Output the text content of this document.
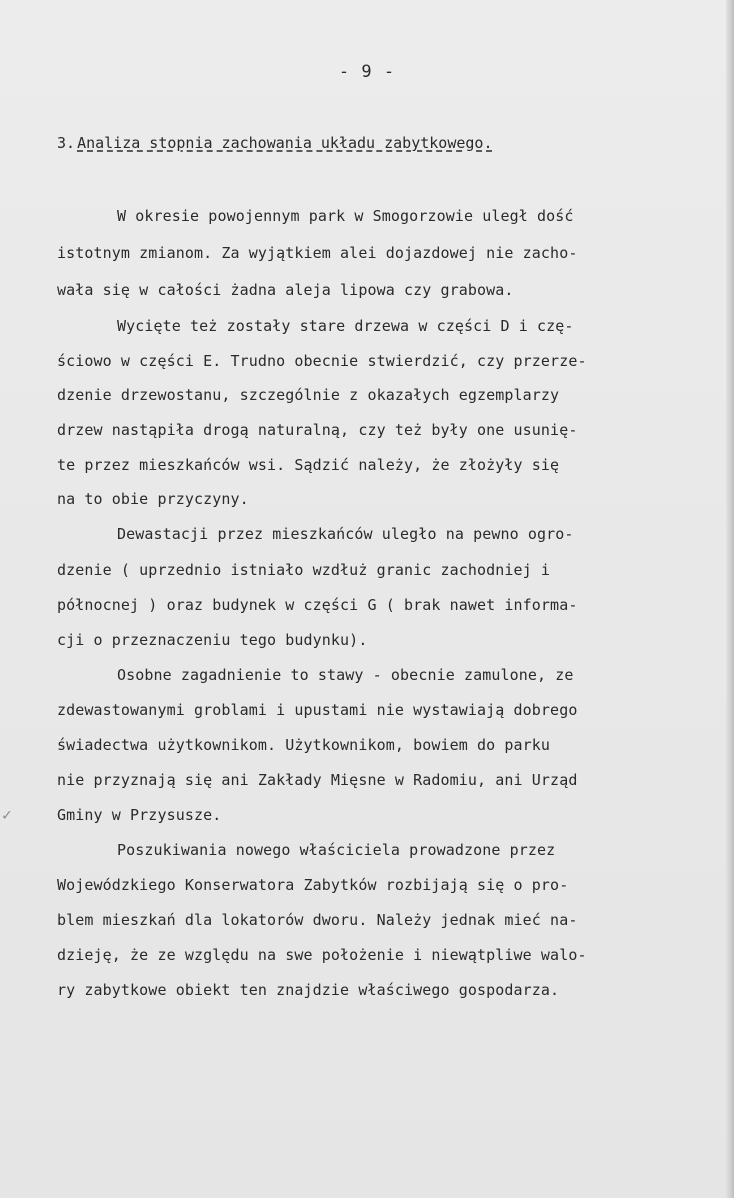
- 9 -
3. Analiza stopnia zachowania układu zabytkowego.
W okresie powojennym park w Smogorzowie uległ dość
istotnym zmianom. Za wyjątkiem alei dojazdowej nie zacho-
wała się w całości żadna aleja lipowa czy grabowa.
Wycięte też zostały stare drzewa w części D i czę-
ściowo w części E. Trudno obecnie stwierdzić, czy przerze-
dzenie drzewostanu, szczególnie z okazałych egzemplarzy
drzew nastąpiła drogą naturalną, czy też były one usunię-
te przez mieszkańców wsi. Sądzić należy, że złożyły się
na to obie przyczyny.
Dewastacji przez mieszkańców uległo na pewno ogro-
dzenie ( uprzednio istniało wzdłuż granic zachodniej i
północnej ) oraz budynek w części G ( brak nawet informa-
cji o przeznaczeniu tego budynku).
Osobne zagadnienie to stawy - obecnie zamulone, ze
zdewastowanymi groblami i upustami nie wystawiają dobrego
świadectwa użytkownikom. Użytkownikom, bowiem do parku
nie przyznają się ani Zakłady Mięsne w Radomiu, ani Urząd
Gminy w Przysusze.
Poszukiwania nowego właściciela prowadzone przez
Wojewódzkiego Konserwatora Zabytków rozbijają się o pro-
blem mieszkań dla lokatorów dworu. Należy jednak mieć na-
dzieję, że ze względu na swe położenie i niewątpliwe walo-
ry zabytkowe obiekt ten znajdzie właściwego gospodarza.
✓
